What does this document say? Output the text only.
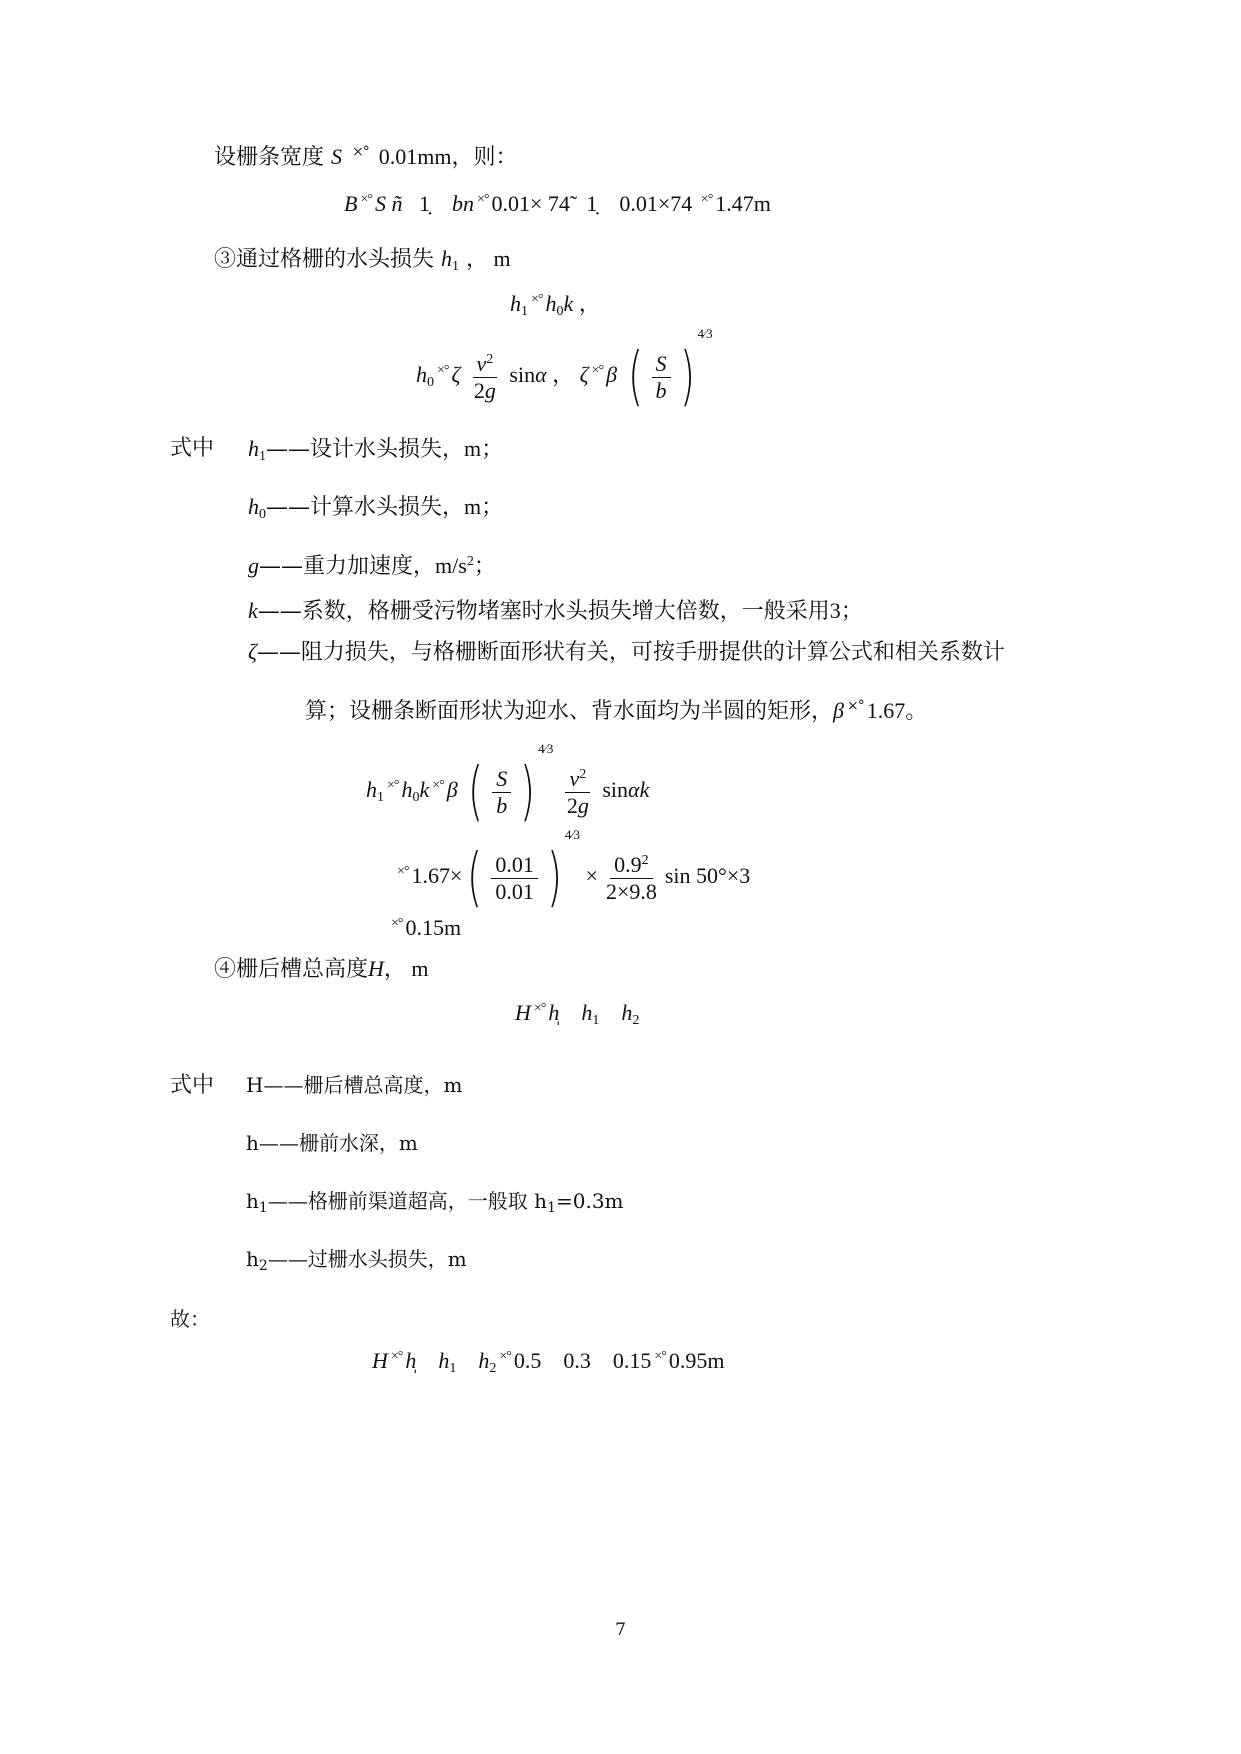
设栅条宽度 S ×° 0.01mm，则：
B ×° S ñ 1̣ bn ×° 0.01× 74̃ 1̣ 0.01×74 ×° 1.47m
③通过格栅的水头损失 $h_1$ ， m
$h_1\times^\circ$ $h_0k$ ，
$h_0\times^\circ$ ζ $\frac{v^2}{2g}$ sinα ， ζ ×° β ( $\frac{S}{b}$ )
4⁄3
式中 $h_1——$设计水头损失，m；
$h_0——$计算水头损失，m；
g——重力加速度，$m/s^2$；
k——系数，格栅受污物堵塞时水头损失增大倍数，一般采用3；
ζ——阻力损失，与格栅断面形状有关，可按手册提供的计算公式和相关系数计
算；设栅条断面形状为迎水、背水面均为半圆的矩形，β ×° 1.67。
$h_1\times^\circ$ $h_0k$ ×° β ( $\frac{S}{b}$ )
4⁄3
$\frac{v^2}{2g}$ sinαk
×° 1.67× ( $\frac{0.01}{0.01}$ )
4⁄3 × $\frac{0.9^2}{2\times 9.8}$ sin 50°×3
×° 0.15m
④栅后槽总高度H， m
H ×° h̩ $h_1$ $h_2$
式中 H——栅后槽总高度，m
h——栅前水深，m
$h_1——$格栅前渠道超高，一般取 $h_1=0.3m$
$h_2——$过栅水头损失，m
故：
H ×° h̩ $h_1$ $h_2\times^\circ$ 0.5 0.3 0.15 ×° 0.95m
7
